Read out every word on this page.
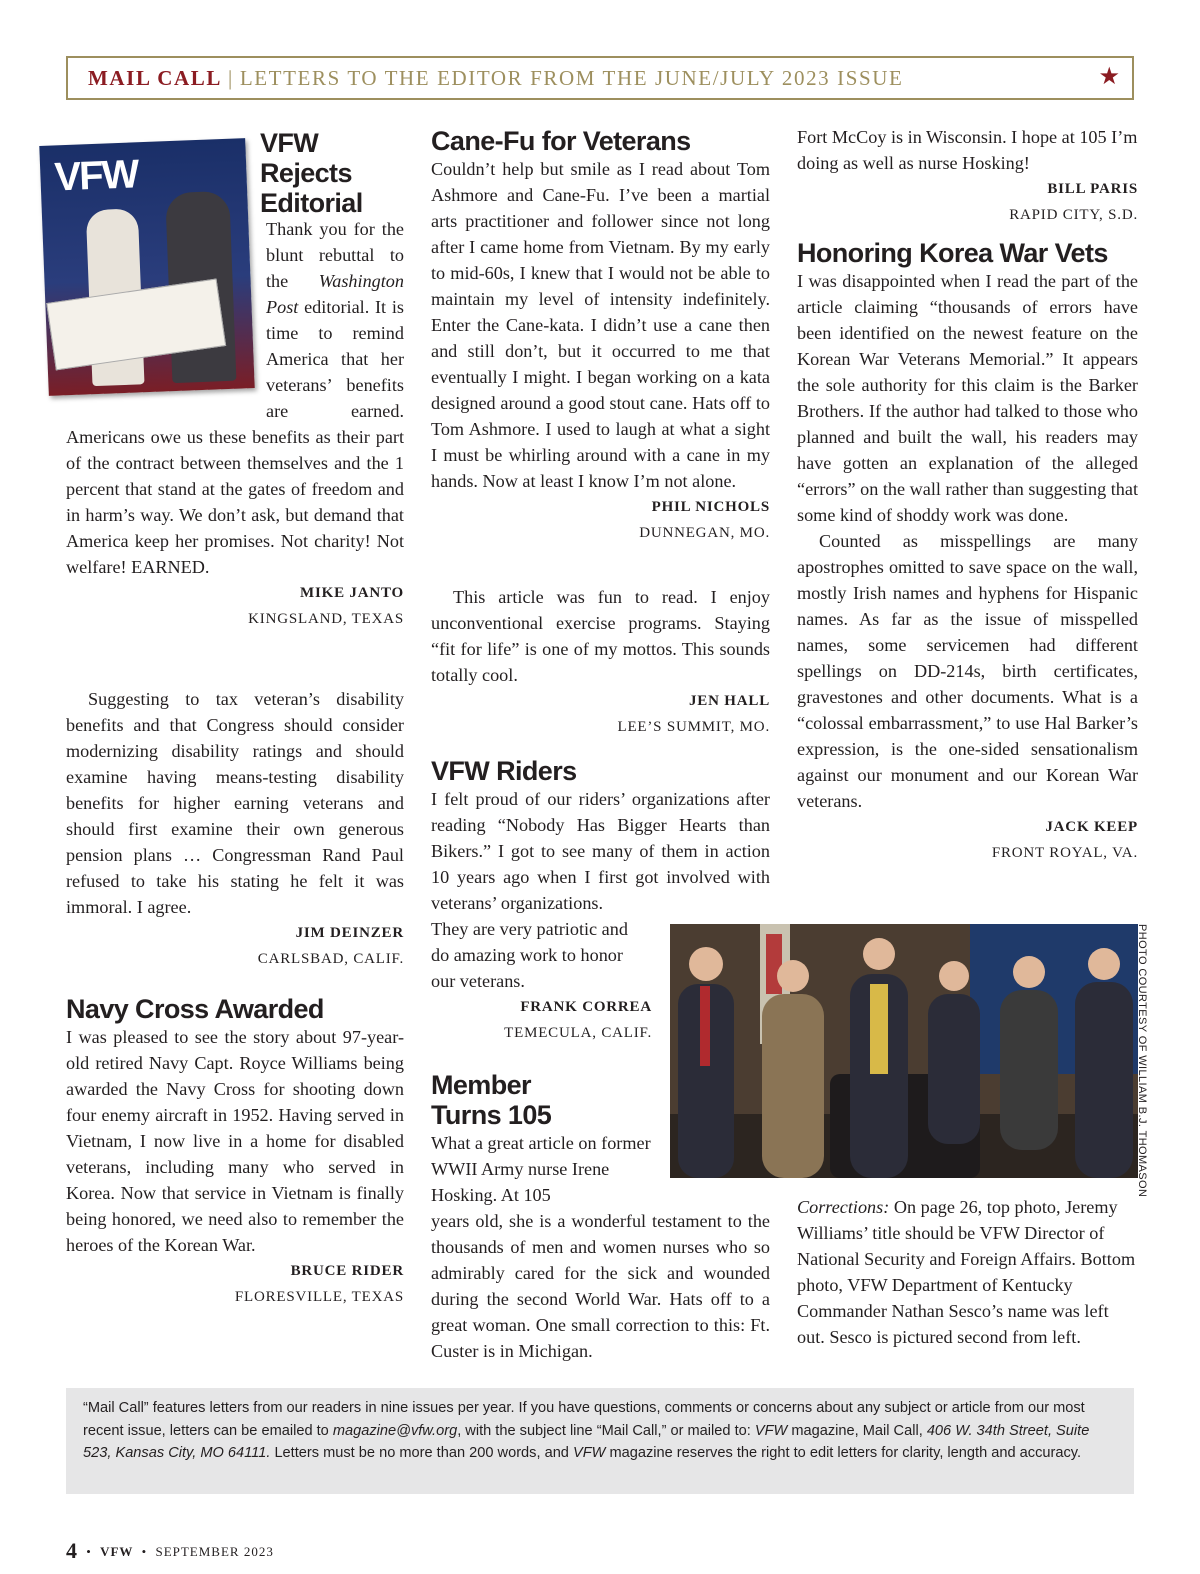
MAIL CALL | LETTERS TO THE EDITOR FROM THE JUNE/JULY 2023 ISSUE	★
VFW
VFW Rejects Editorial

Thank you for the blunt rebuttal to the Washington Post editorial. It is time to remind America that her veterans’ benefits are earned. Americans owe us these benefits as their part of the contract between themselves and the 1 percent that stand at the gates of freedom and in harm’s way. We don’t ask, but demand that America keep her promises. Not charity! Not welfare! EARNED.

MIKE JANTO
KINGSLAND, TEXAS

Suggesting to tax veteran’s disability benefits and that Congress should consider modernizing disability ratings and should examine having means-testing disability benefits for higher earning veterans and should first examine their own generous pension plans … Congressman Rand Paul refused to take his stating he felt it was immoral. I agree.

JIM DEINZER
CARLSBAD, CALIF.
Navy Cross Awarded

I was pleased to see the story about 97-year-old retired Navy Capt. Royce Williams being awarded the Navy Cross for shooting down four enemy aircraft in 1952. Having served in Vietnam, I now live in a home for disabled veterans, including many who served in Korea. Now that service in Vietnam is finally being honored, we need also to remember the heroes of the Korean War.

BRUCE RIDER
FLORESVILLE, TEXAS
Cane-Fu for Veterans

Couldn’t help but smile as I read about Tom Ashmore and Cane-Fu. I’ve been a martial arts practitioner and follower since not long after I came home from Vietnam. By my early to mid-60s, I knew that I would not be able to maintain my level of intensity indefinitely. Enter the Cane-kata. I didn’t use a cane then and still don’t, but it occurred to me that eventually I might. I began working on a kata designed around a good stout cane. Hats off to Tom Ashmore. I used to laugh at what a sight I must be whirling around with a cane in my hands. Now at least I know I’m not alone.

PHIL NICHOLS
DUNNEGAN, MO.

This article was fun to read. I enjoy unconventional exercise programs. Staying “fit for life” is one of my mottos. This sounds totally cool.

JEN HALL
LEE’S SUMMIT, MO.
VFW Riders

I felt proud of our riders’ organizations after reading “Nobody Has Bigger Hearts than Bikers.” I got to see many of them in action 10 years ago when I first got involved with veterans’ organizations.

They are very patriotic and do amazing work to honor our veterans.

FRANK CORREA
TEMECULA, CALIF.
Member
Turns 105

What a great article on former WWII Army nurse Irene Hosking. At 105

years old, she is a wonderful testament to the thousands of men and women nurses who so admirably cared for the sick and wounded during the second World War. Hats off to a great woman. One small correction to this: Ft. Custer is in Michigan.

Fort McCoy is in Wisconsin. I hope at 105 I’m doing as well as nurse Hosking!

BILL PARIS
RAPID CITY, S.D.
Honoring Korea War Vets

I was disappointed when I read the part of the article claiming “thousands of errors have been identified on the newest feature on the Korean War Veterans Memorial.” It appears the sole authority for this claim is the Barker Brothers. If the author had talked to those who planned and built the wall, his readers may have gotten an explanation of the alleged “errors” on the wall rather than suggesting that some kind of shoddy work was done.

Counted as misspellings are many apostrophes omitted to save space on the wall, mostly Irish names and hyphens for Hispanic names. As far as the issue of misspelled names, some servicemen had different spellings on DD-214s, birth certificates, gravestones and other documents. What is a “colossal embarrassment,” to use Hal Barker’s expression, is the one-sided sensationalism against our monument and our Korean War veterans.

JACK KEEP
FRONT ROYAL, VA.
PHOTO COURTESY OF WILLIAM B.J. THOMASON

Corrections: On page 26, top photo, Jeremy Williams’ title should be VFW Director of National Security and Foreign Affairs. Bottom photo, VFW Department of Kentucky Commander Nathan Sesco’s name was left out. Sesco is pictured second from left.

“Mail Call” features letters from our readers in nine issues per year. If you have questions, comments or concerns about any subject or article from our most recent issue, letters can be emailed to magazine@vfw.org, with the subject line “Mail Call,” or mailed to: VFW magazine, Mail Call, 406 W. 34th Street, Suite 523, Kansas City, MO 64111. Letters must be no more than 200 words, and VFW magazine reserves the right to edit letters for clarity, length and accuracy.
4 • VFW • SEPTEMBER 2023
